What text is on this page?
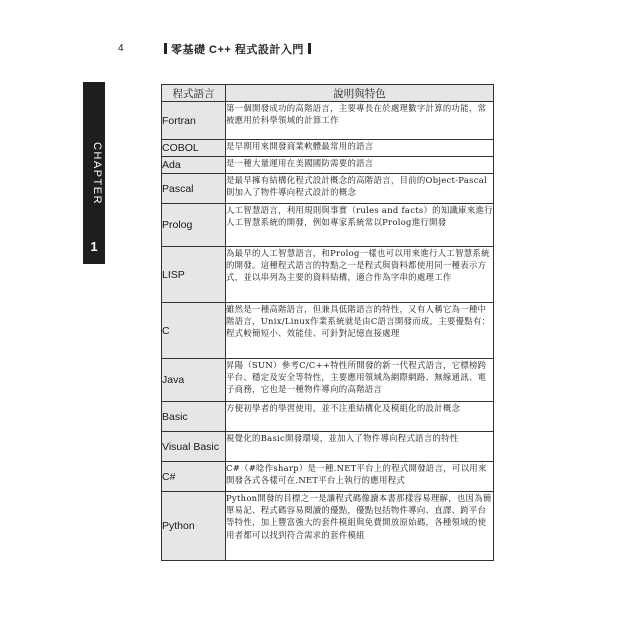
4	零基礎 C++ 程式設計入門
CHAPTER
1
程式語言	說明與特色
Fortran	第一個開發成功的高階語言，主要專長在於處理數字計算的功能，常被應用於科學領域的計算工作
COBOL	是早期用來開發商業軟體最常用的語言
Ada	是一種大量運用在美國國防需要的語言
Pascal	是最早擁有結構化程式設計概念的高階語言，目前的Object-Pascal則加入了物件導向程式設計的概念
Prolog	人工智慧語言，利用規則與事實（rules and facts）的知識庫來進行人工智慧系統的開發，例如專家系統常以Prolog進行開發
LISP	為最早的人工智慧語言，和Prolog一樣也可以用來進行人工智慧系統的開發。這種程式語言的特點之一是程式與資料都使用同一種表示方式，並以串列為主要的資料結構，適合作為字串的處理工作
C	雖然是一種高階語言，但兼具低階語言的特性，又有人稱它為一種中階語言，Unix/Linux作業系統就是由C語言開發而成，主要優點有：程式較簡短小、效能佳、可針對記憶直接處理
Java	昇陽（SUN）參考C/C++特性所開發的新一代程式語言，它標榜跨平台、穩定及安全等特性，主要應用領域為網際網路、無線通訊、電子商務，它也是一種物件導向的高階語言
Basic	方便初學者的學習使用，並不注重結構化及模組化的設計概念
Visual Basic	視覺化的Basic開發環境，並加入了物件導向程式語言的特性
C#	C#（#唸作sharp）是一種.NET平台上的程式開發語言，可以用來開發各式各樣可在.NET平台上執行的應用程式
Python	Python開發的目標之一是讓程式碼像讀本書那樣容易理解，也因為簡單易記、程式碼容易閱讀的優點，優點包括物件導向、直譯、跨平台等特性，加上豐富強大的套件模組與免費開放原始碼，各種領域的使用者都可以找到符合需求的套件模組
